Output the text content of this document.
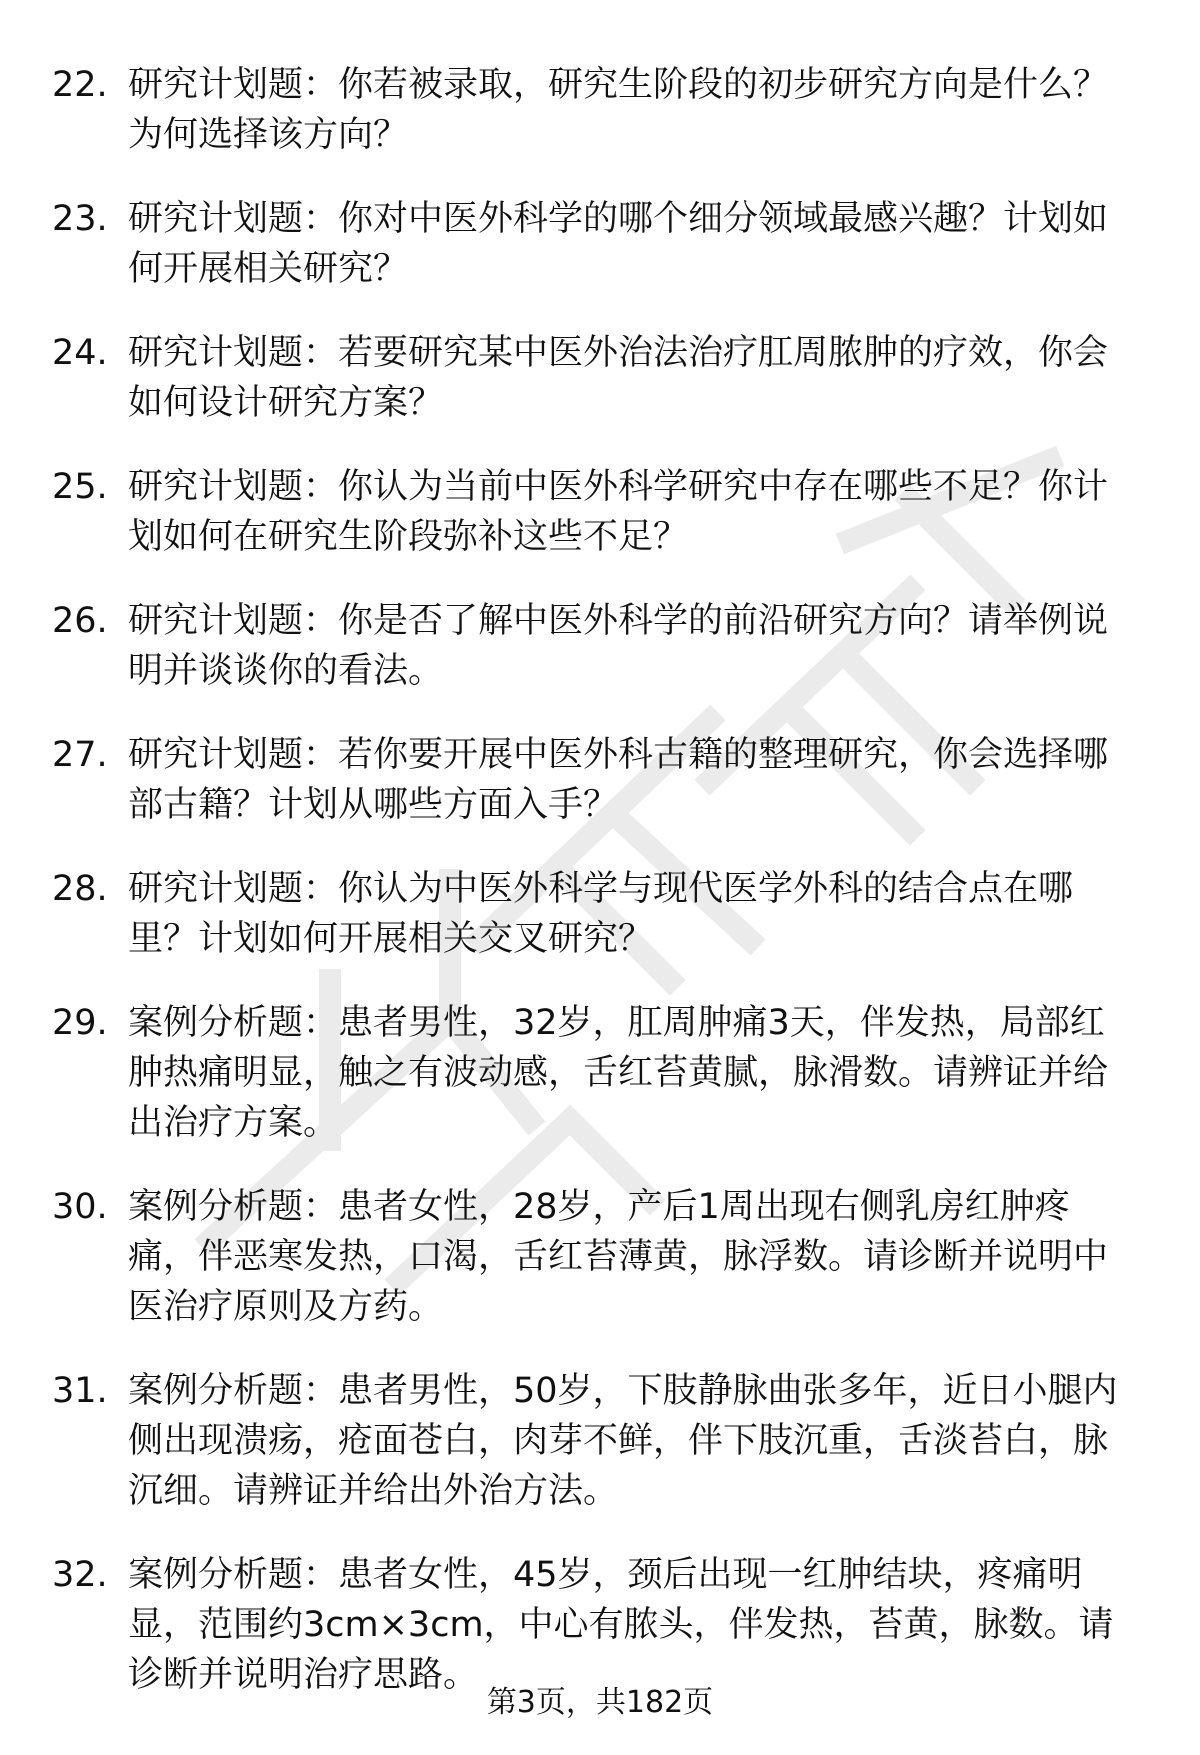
22. 研究计划题：你若被录取，研究生阶段的初步研究方向是什么？为何选择该方向？
23. 研究计划题：你对中医外科学的哪个细分领域最感兴趣？计划如何开展相关研究？
24. 研究计划题：若要研究某中医外治法治疗肛周脓肿的疗效，你会如何设计研究方案？
25. 研究计划题：你认为当前中医外科学研究中存在哪些不足？你计划如何在研究生阶段弥补这些不足？
26. 研究计划题：你是否了解中医外科学的前沿研究方向？请举例说明并谈谈你的看法。
27. 研究计划题：若你要开展中医外科古籍的整理研究，你会选择哪部古籍？计划从哪些方面入手？
28. 研究计划题：你认为中医外科学与现代医学外科的结合点在哪里？计划如何开展相关交叉研究？
29. 案例分析题：患者男性，32岁，肛周肿痛3天，伴发热，局部红肿热痛明显，触之有波动感，舌红苔黄腻，脉滑数。请辨证并给出治疗方案。
30. 案例分析题：患者女性，28岁，产后1周出现右侧乳房红肿疼痛，伴恶寒发热，口渴，舌红苔薄黄，脉浮数。请诊断并说明中医治疗原则及方药。
31. 案例分析题：患者男性，50岁，下肢静脉曲张多年，近日小腿内侧出现溃疡，疮面苍白，肉芽不鲜，伴下肢沉重，舌淡苔白，脉沉细。请辨证并给出外治方法。
32. 案例分析题：患者女性，45岁，颈后出现一红肿结块，疼痛明显，范围约3cm×3cm，中心有脓头，伴发热，苔黄，脉数。请诊断并说明治疗思路。
第3页，共182页
